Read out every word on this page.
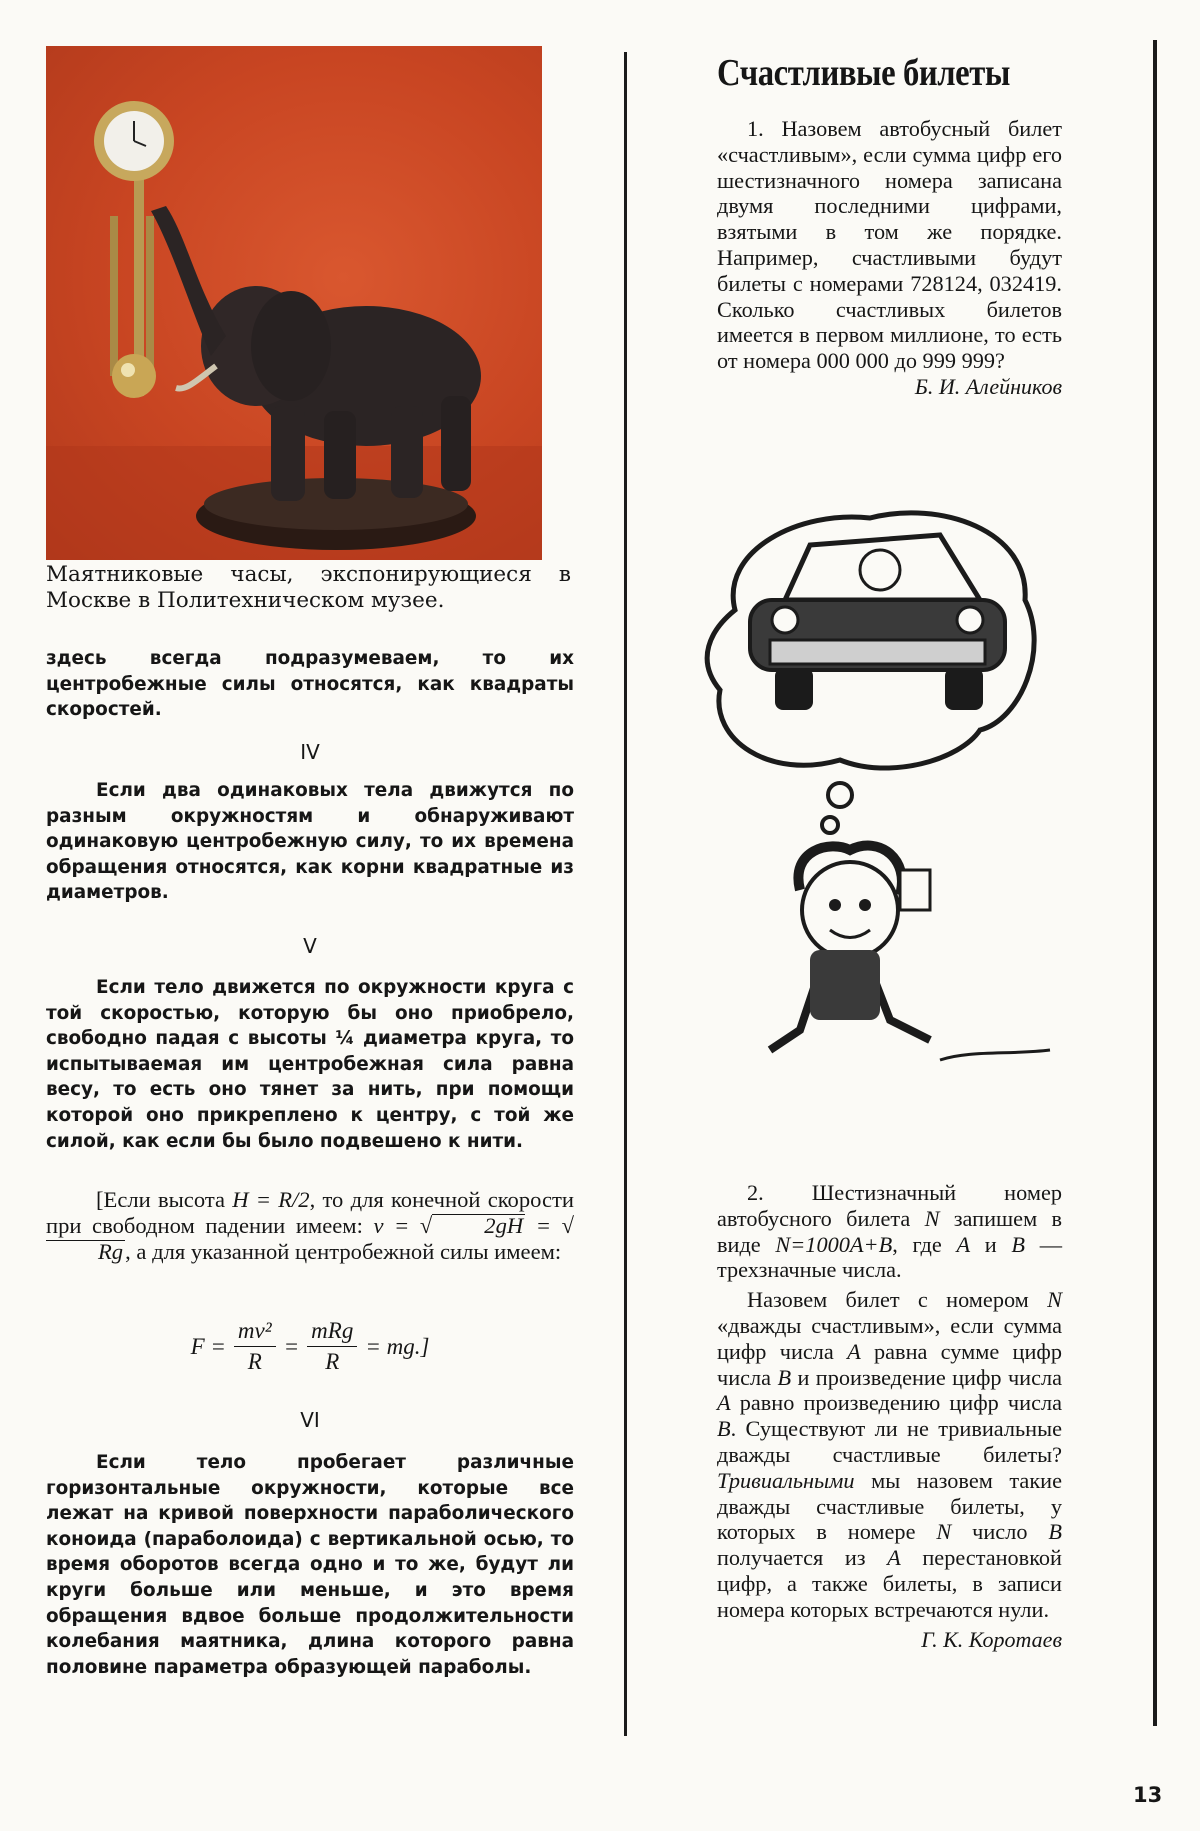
Маятниковые часы, экспонирующиеся в Москве в Политехническом музее.

здесь всегда подразумеваем, то их центробежные силы относятся, как квадраты скоростей.

IV

Если два одинаковых тела движутся по разным окружностям и обнаруживают одинаковую центробежную силу, то их времена обращения относятся, как корни квадратные из диаметров.

V

Если тело движется по окружности круга с той скоростью, которую бы оно приобрело, свободно падая с высоты ¼ диаметра круга, то испытываемая им центробежная сила равна весу, то есть оно тянет за нить, при помощи которой оно прикреплено к центру, с той же силой, как если бы было подвешено к нити.

[Если высота H = R/2, то для конечной скорости при свободном падении имеем: v = √ 2gH = √Rg, а для указанной центробежной силы имеем:

$F = \frac{\text{mv²}}{R} = \frac{\text{mRg}}{R} = mg$.]
VI

Если тело пробегает различные горизонтальные окружности, которые все лежат на кривой поверхности параболического коноида (параболоида) с вертикальной осью, то время оборотов всегда одно и то же, будут ли круги больше или меньше, и это время обращения вдвое больше продолжительности колебания маятника, длина которого равна половине параметра образующей параболы.

Счастливые билеты

1. Назовем автобусный билет «счастливым», если сумма цифр его шестизначного номера записана двумя последними цифрами, взятыми в том же порядке. Например, счастливыми будут билеты с номерами 728124, 032419. Сколько счастливых билетов имеется в первом миллионе, то есть от номера 000 000 до 999 999?

Б. И. Алейников

2. Шестизначный номер автобусного билета N запишем в виде N=1000A+B, где A и B — трехзначные числа.

Назовем билет с номером N «дважды счастливым», если сумма цифр числа A равна сумме цифр числа B и произведение цифр числа A равно произведению цифр числа B. Существуют ли не тривиальные дважды счастливые билеты? Тривиальными мы назовем такие дважды счастливые билеты, у которых в номере N число B получается из A перестановкой цифр, а также билеты, в записи номера которых встречаются нули.

Г. К. Коротаев

13
